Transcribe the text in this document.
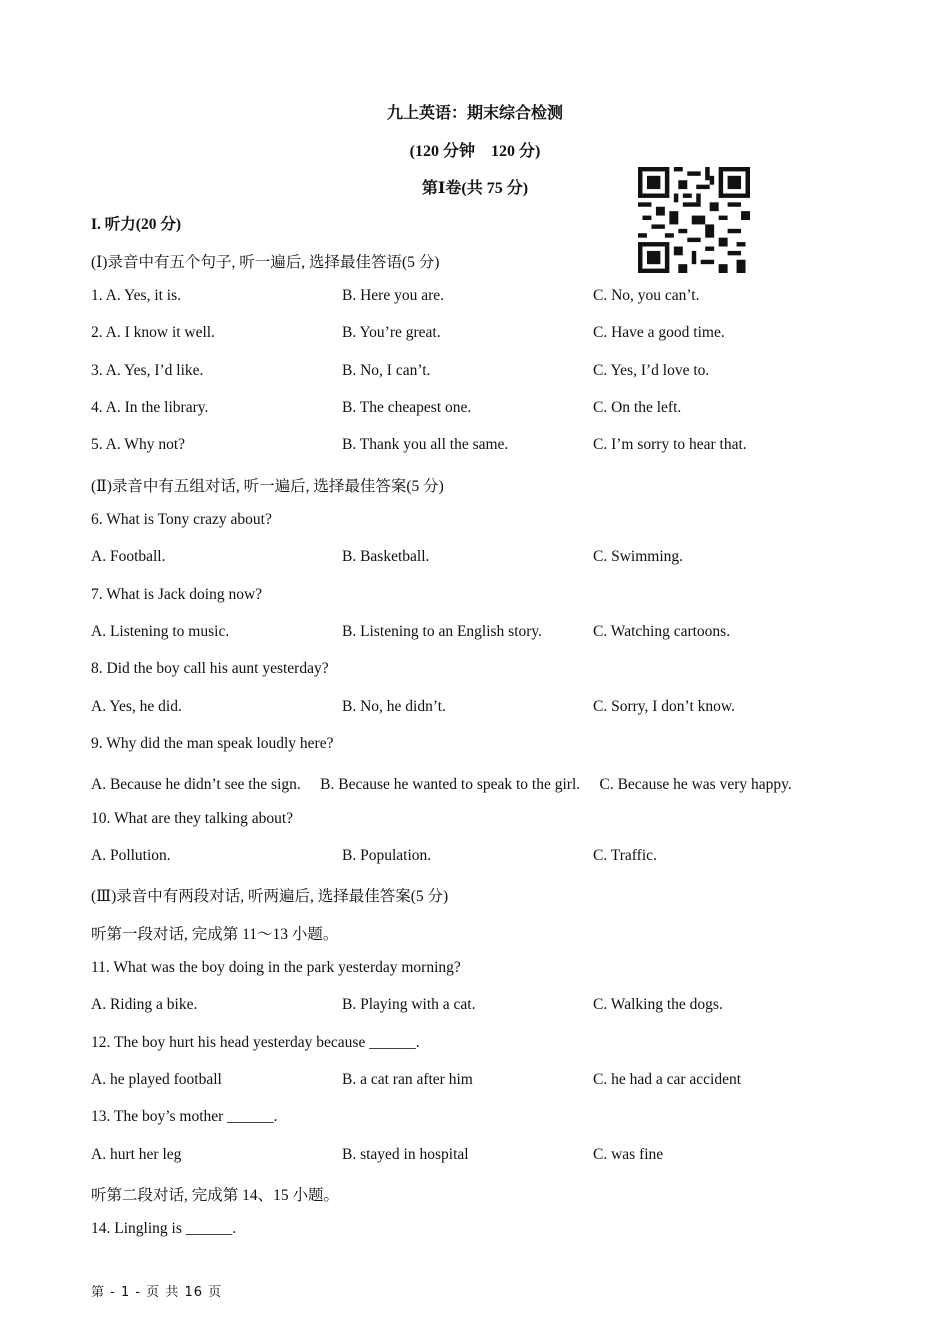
九上英语：期末综合检测
(120 分钟　120 分)
第Ⅰ卷(共 75 分)
I. 听力(20 分)
(Ⅰ)录音中有五个句子, 听一遍后, 选择最佳答语(5 分)
1. A. Yes, it is.	B. Here you are.	C. No, you can’t.
2. A. I know it well.	B. You’re great.	C. Have a good time.
3. A. Yes, I’d like.	B. No, I can’t.	C. Yes, I’d love to.
4. A. In the library.	B. The cheapest one.	C. On the left.
5. A. Why not?	B. Thank you all the same.	C. I’m sorry to hear that.
(Ⅱ)录音中有五组对话, 听一遍后, 选择最佳答案(5 分)
6. What is Tony crazy about?
A. Football.	B. Basketball.	C. Swimming.
7. What is Jack doing now?
A. Listening to music.	B. Listening to an English story.	C. Watching cartoons.
8. Did the boy call his aunt yesterday?
A. Yes, he did.	B. No, he didn’t.	C. Sorry, I don’t know.
9. Why did the man speak loudly here?
A. Because he didn’t see the sign.　 B. Because he wanted to speak to the girl.　 C. Because he was very happy.
10. What are they talking about?
A. Pollution.	B. Population.	C. Traffic.
(Ⅲ)录音中有两段对话, 听两遍后, 选择最佳答案(5 分)
听第一段对话, 完成第 11～13 小题。
11. What was the boy doing in the park yesterday morning?
A. Riding a bike.	B. Playing with a cat.	C. Walking the dogs.
12. The boy hurt his head yesterday because ______.
A. he played football	B. a cat ran after him	C. he had a car accident
13. The boy’s mother ______.
A. hurt her leg	B. stayed in hospital	C. was fine
听第二段对话, 完成第 14、15 小题。
14. Lingling is ______.
第 - 1 - 页 共 16 页
